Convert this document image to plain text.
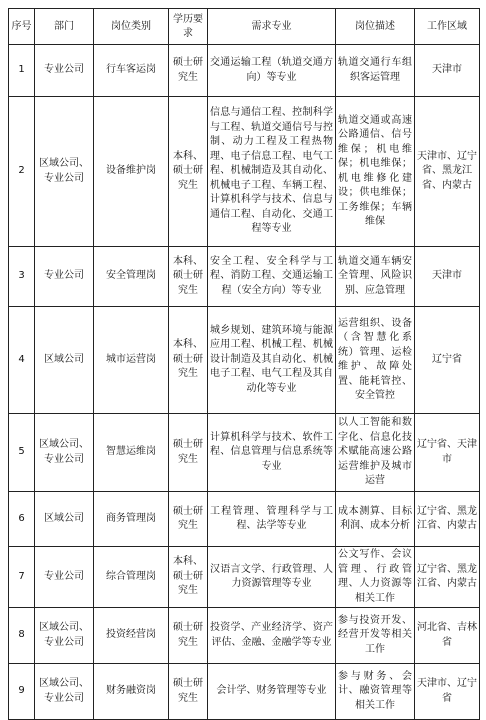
序号	部门	岗位类别	学历要求	需求专业	岗位描述	工作区域
1	专业公司	行车客运岗	硕士研究生	交通运输工程（轨道交通方向）等专业	轨道交通行车组织客运管理	天津市
2	区域公司、专业公司	设备维护岗	本科、硕士研究生	信息与通信工程、控制科学与工程、轨道交通信号与控制、动力工程及工程热物理、电子信息工程、电气工程、机械制造及其自动化、机械电子工程、车辆工程、计算机科学与技术、信息与通信工程、自动化、交通工程等专业	轨道交通或高速公路通信、信号维保；机电维保；机电维保；机电维修化建设；供电维保；工务维保；车辆维保	天津市、辽宁省、黑龙江省、内蒙古
3	专业公司	安全管理岗	本科、硕士研究生	安全工程、安全科学与工程、消防工程、交通运输工程（安全方向）等专业	轨道交通车辆安全管理、风险识别、应急管理	天津市
4	区域公司	城市运营岗	本科、硕士研究生	城乡规划、建筑环境与能源应用工程、机械工程、机械设计制造及其自动化、机械电子工程、电气工程及其自动化等专业	运营组织、设备（含智慧化系统）管理、运检维护、故障处置、能耗管控、安全管控	辽宁省
5	区域公司、专业公司	智慧运维岗	硕士研究生	计算机科学与技术、软件工程、信息管理与信息系统等专业	以人工智能和数字化、信息化技术赋能高速公路运营维护及城市运营	辽宁省、天津市
6	区域公司	商务管理岗	硕士研究生	工程管理、管理科学与工程、法学等专业	成本测算、目标利润、成本分析	辽宁省、黑龙江省、内蒙古
7	专业公司	综合管理岗	本科、硕士研究生	汉语言文学、行政管理、人力资源管理等专业	公文写作、会议管理、行政管理、人力资源等相关工作	辽宁省、黑龙江省、内蒙古
8	区域公司、专业公司	投资经营岗	硕士研究生	投资学、产业经济学、资产评估、金融、金融学等专业	参与投资开发、经营开发等相关工作	河北省、吉林省
9	区域公司、专业公司	财务融资岗	硕士研究生	会计学、财务管理等专业	参与财务、会计、融资管理等相关工作	天津市、辽宁省
